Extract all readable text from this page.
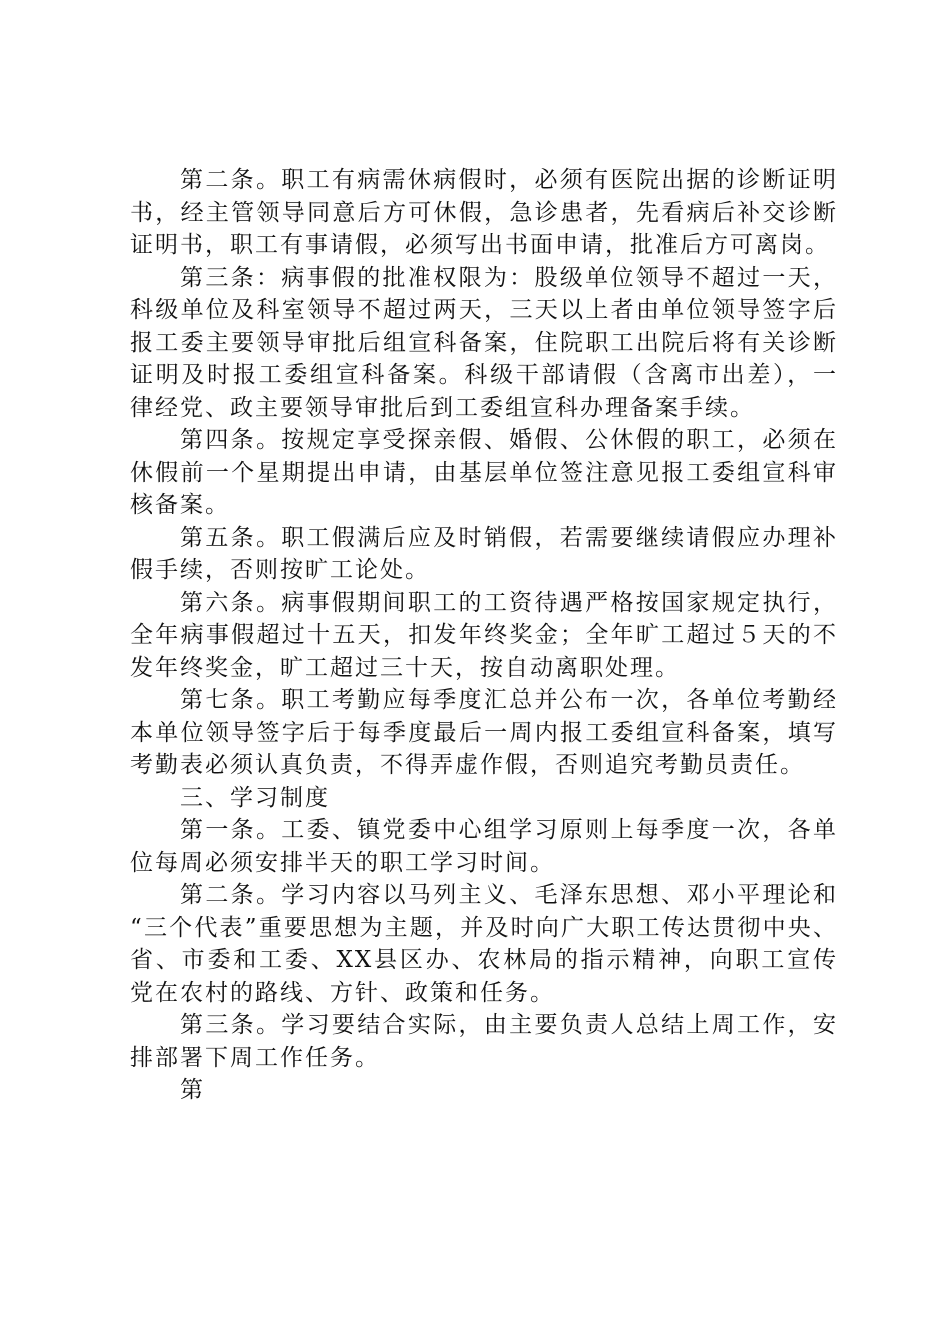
第二条。职工有病需休病假时，必须有医院出据的诊断证明书，经主管领导同意后方可休假，急诊患者，先看病后补交诊断证明书，职工有事请假，必须写出书面申请，批准后方可离岗。

第三条：病事假的批准权限为：股级单位领导不超过一天，科级单位及科室领导不超过两天，三天以上者由单位领导签字后报工委主要领导审批后组宣科备案，住院职工出院后将有关诊断证明及时报工委组宣科备案。科级干部请假（含离市出差），一律经党、政主要领导审批后到工委组宣科办理备案手续。

第四条。按规定享受探亲假、婚假、公休假的职工，必须在休假前一个星期提出申请，由基层单位签注意见报工委组宣科审核备案。

第五条。职工假满后应及时销假，若需要继续请假应办理补假手续，否则按旷工论处。

第六条。病事假期间职工的工资待遇严格按国家规定执行，全年病事假超过十五天，扣发年终奖金；全年旷工超过５天的不发年终奖金，旷工超过三十天，按自动离职处理。

第七条。职工考勤应每季度汇总并公布一次，各单位考勤经本单位领导签字后于每季度最后一周内报工委组宣科备案，填写考勤表必须认真负责，不得弄虚作假，否则追究考勤员责任。

三、学习制度

第一条。工委、镇党委中心组学习原则上每季度一次，各单位每周必须安排半天的职工学习时间。

第二条。学习内容以马列主义、毛泽东思想、邓小平理论和“三个代表”重要思想为主题，并及时向广大职工传达贯彻中央、省、市委和工委、XX县区办、农林局的指示精神，向职工宣传党在农村的路线、方针、政策和任务。

第三条。学习要结合实际，由主要负责人总结上周工作，安排部署下周工作任务。

第
